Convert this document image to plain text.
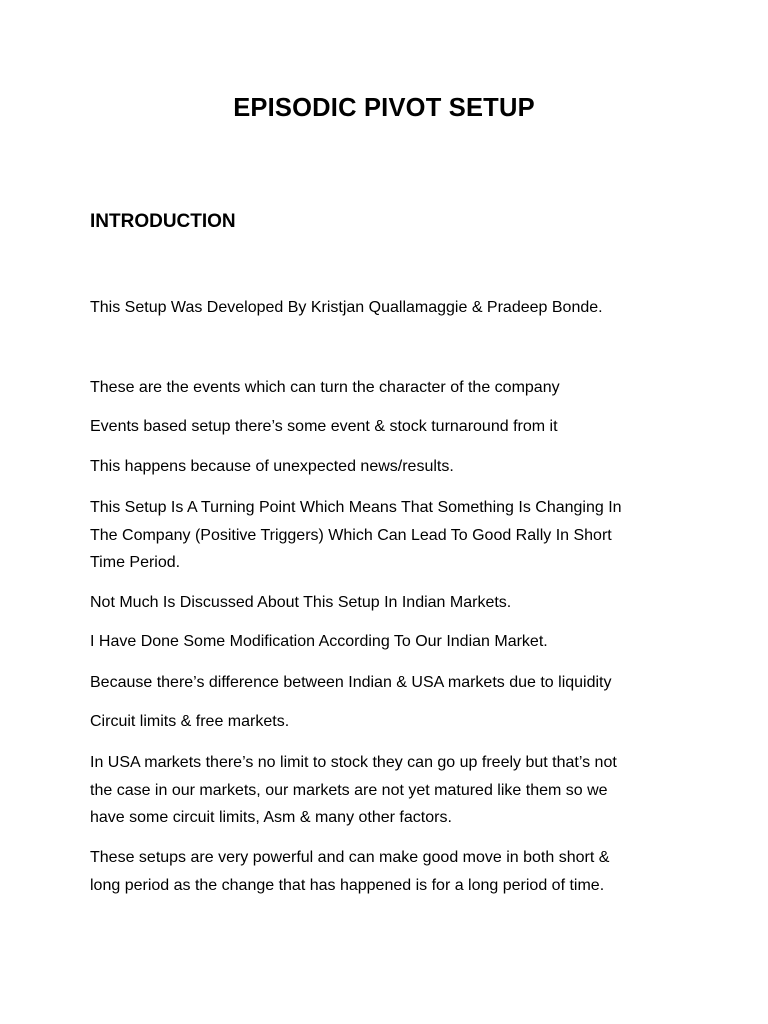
EPISODIC PIVOT SETUP
INTRODUCTION

This Setup Was Developed By Kristjan Quallamaggie & Pradeep Bonde.

These are the events which can turn the character of the company

Events based setup there’s some event & stock turnaround from it

This happens because of unexpected news/results.

This Setup Is A Turning Point Which Means That Something Is Changing In
The Company (Positive Triggers) Which Can Lead To Good Rally In Short
Time Period.

Not Much Is Discussed About This Setup In Indian Markets.

I Have Done Some Modification According To Our Indian Market.

Because there’s difference between Indian & USA markets due to liquidity

Circuit limits & free markets.

In USA markets there’s no limit to stock they can go up freely but that’s not
the case in our markets, our markets are not yet matured like them so we
have some circuit limits, Asm & many other factors.

These setups are very powerful and can make good move in both short &
long period as the change that has happened is for a long period of time.
